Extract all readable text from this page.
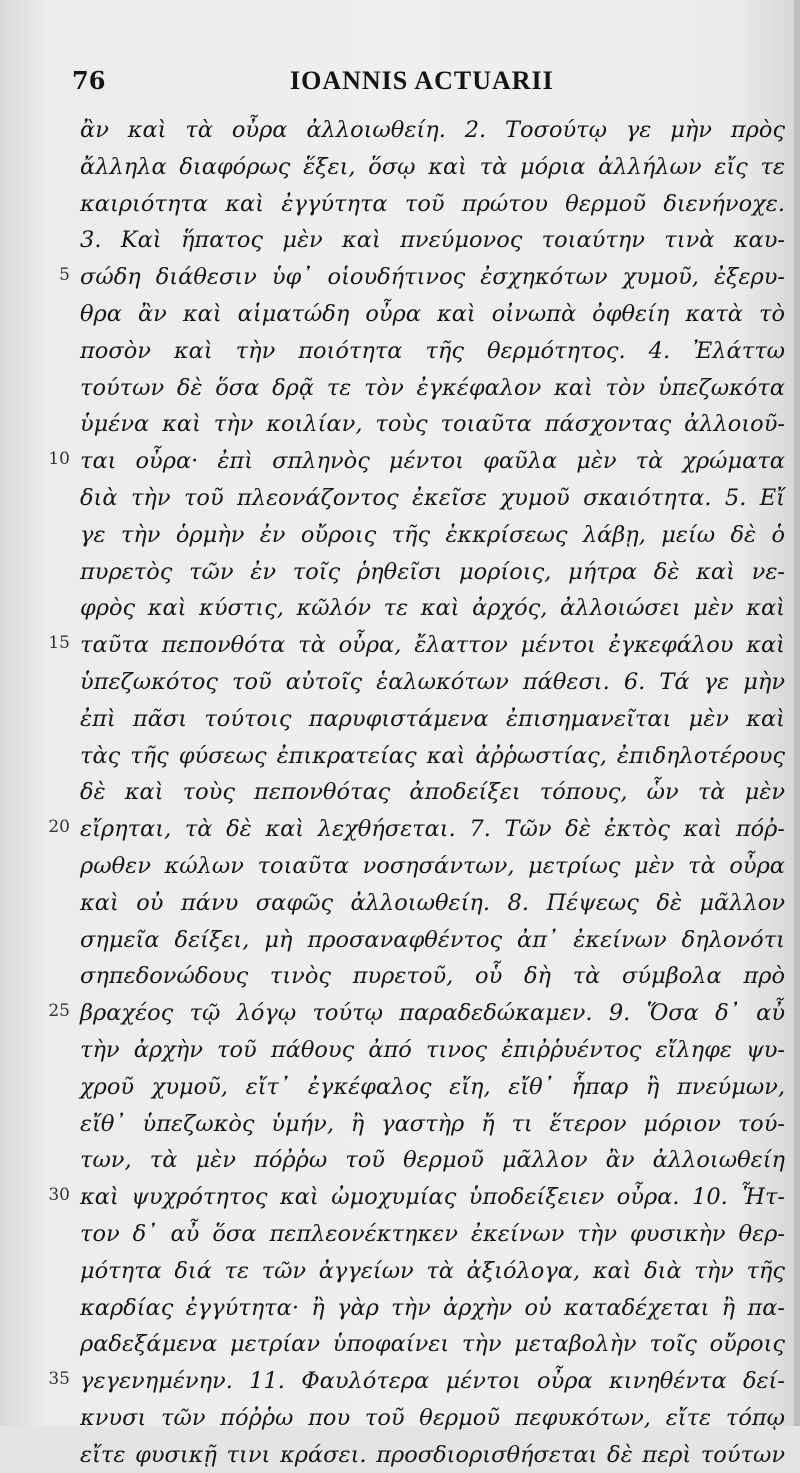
76	IOANNIS ACTUARII
ἂν καὶ τὰ οὖρα ἀλλοιωθείη. 2. Τοσούτῳ γε μὴν πρὸς
ἄλληλα διαφόρως ἕξει, ὅσῳ καὶ τὰ μόρια ἀλλήλων εἴς τε
καιριότητα καὶ ἐγγύτητα τοῦ πρώτου θερμοῦ διενήνοχε.
3. Καὶ ἥπατος μὲν καὶ πνεύμονος τοιαύτην τινὰ καυ-
5 σώδη διάθεσιν ὑφ᾽ οἱουδήτινος ἐσχηκότων χυμοῦ, ἐξερυ-
θρα ἂν καὶ αἱματώδη οὖρα καὶ οἰνωπὰ ὀφθείη κατὰ τὸ
ποσὸν καὶ τὴν ποιότητα τῆς θερμότητος. 4. Ἐλάττω
τούτων δὲ ὅσα δρᾷ τε τὸν ἐγκέφαλον καὶ τὸν ὑπεζωκότα
ὑμένα καὶ τὴν κοιλίαν, τοὺς τοιαῦτα πάσχοντας ἀλλοιοῦ-
10 ται οὖρα· ἐπὶ σπληνὸς μέντοι φαῦλα μὲν τὰ χρώματα
διὰ τὴν τοῦ πλεονάζοντος ἐκεῖσε χυμοῦ σκαιότητα. 5. Εἴ
γε τὴν ὁρμὴν ἐν οὔροις τῆς ἐκκρίσεως λάβῃ, μείω δὲ ὁ
πυρετὸς τῶν ἐν τοῖς ῥηθεῖσι μορίοις, μήτρα δὲ καὶ νε-
φρὸς καὶ κύστις, κῶλόν τε καὶ ἀρχός, ἀλλοιώσει μὲν καὶ
15 ταῦτα πεπονθότα τὰ οὖρα, ἔλαττον μέντοι ἐγκεφάλου καὶ
ὑπεζωκότος τοῦ αὐτοῖς ἑαλωκότων πάθεσι. 6. Τά γε μὴν
ἐπὶ πᾶσι τούτοις παρυφιστάμενα ἐπισημανεῖται μὲν καὶ
τὰς τῆς φύσεως ἐπικρατείας καὶ ἀῤῥωστίας, ἐπιδηλοτέρους
δὲ καὶ τοὺς πεπονθότας ἀποδείξει τόπους, ὧν τὰ μὲν
20 εἴρηται, τὰ δὲ καὶ λεχθήσεται. 7. Τῶν δὲ ἐκτὸς καὶ πόῤ-
ρωθεν κώλων τοιαῦτα νοσησάντων, μετρίως μὲν τὰ οὖρα
καὶ οὐ πάνυ σαφῶς ἀλλοιωθείη. 8. Πέψεως δὲ μᾶλλον
σημεῖα δείξει, μὴ προσαναφθέντος ἀπ᾽ ἐκείνων δηλονότι
σηπεδονώδους τινὸς πυρετοῦ, οὗ δὴ τὰ σύμβολα πρὸ
25 βραχέος τῷ λόγῳ τούτῳ παραδεδώκαμεν. 9. Ὅσα δ᾽ αὖ
τὴν ἀρχὴν τοῦ πάθους ἀπό τινος ἐπιῤῥυέντος εἴληφε ψυ-
χροῦ χυμοῦ, εἴτ᾽ ἐγκέφαλος εἴη, εἴθ᾽ ἧπαρ ἢ πνεύμων,
εἴθ᾽ ὑπεζωκὸς ὑμήν, ἢ γαστὴρ ἤ τι ἕτερον μόριον τού-
των, τὰ μὲν πόῤῥω τοῦ θερμοῦ μᾶλλον ἂν ἀλλοιωθείη
30 καὶ ψυχρότητος καὶ ὠμοχυμίας ὑποδείξειεν οὖρα. 10. Ἧτ-
τον δ᾽ αὖ ὅσα πεπλεονέκτηκεν ἐκείνων τὴν φυσικὴν θερ-
μότητα διά τε τῶν ἀγγείων τὰ ἀξιόλογα, καὶ διὰ τὴν τῆς
καρδίας ἐγγύτητα· ἢ γὰρ τὴν ἀρχὴν οὐ καταδέχεται ἢ πα-
ραδεξάμενα μετρίαν ὑποφαίνει τὴν μεταβολὴν τοῖς οὔροις
35 γεγενημένην. 11. Φαυλότερα μέντοι οὖρα κινηθέντα δεί-
κνυσι τῶν πόῤῥω που τοῦ θερμοῦ πεφυκότων, εἴτε τόπῳ
εἴτε φυσικῇ τινι κράσει. προσδιορισθήσεται δὲ περὶ τούτων
